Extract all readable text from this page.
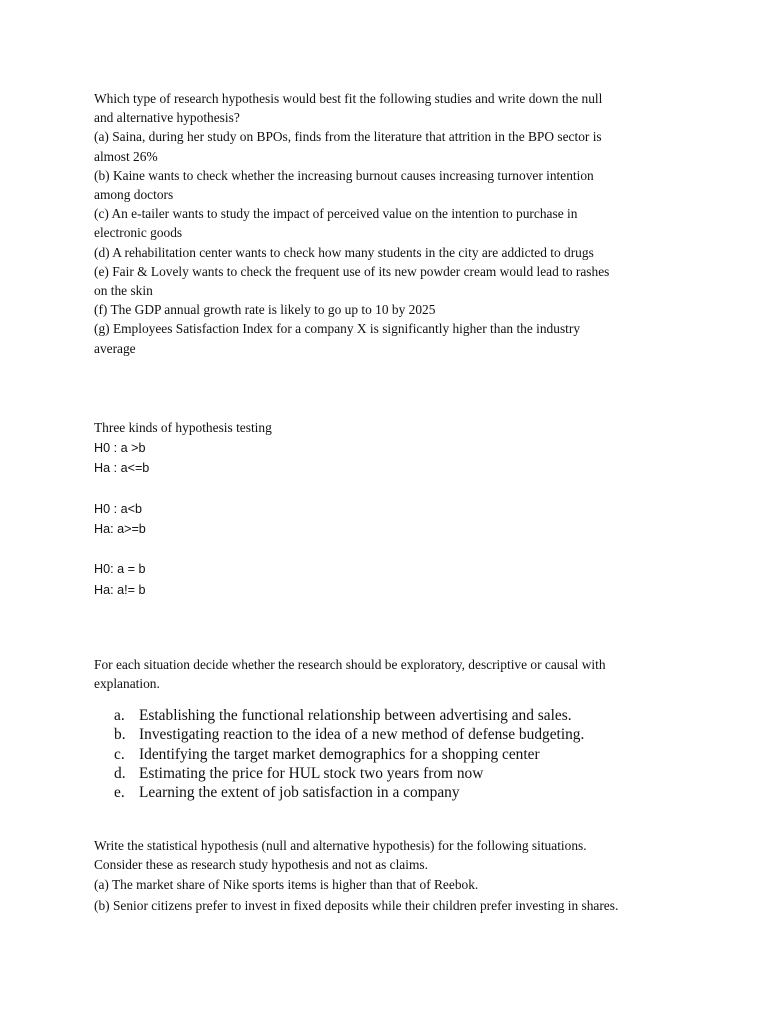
Which type of research hypothesis would best fit the following studies and write down the null
and alternative hypothesis?
(a) Saina, during her study on BPOs, finds from the literature that attrition in the BPO sector is
almost 26%
(b) Kaine wants to check whether the increasing burnout causes increasing turnover intention
among doctors
(c) An e-tailer wants to study the impact of perceived value on the intention to purchase in
electronic goods
(d) A rehabilitation center wants to check how many students in the city are addicted to drugs
(e) Fair & Lovely wants to check the frequent use of its new powder cream would lead to rashes
on the skin
(f) The GDP annual growth rate is likely to go up to 10 by 2025
(g) Employees Satisfaction Index for a company X is significantly higher than the industry
average
Three kinds of hypothesis testing
H0 : a >b
Ha : a<=b
H0 : a<b
Ha: a>=b
H0: a = b
Ha: a!= b
For each situation decide whether the research should be exploratory, descriptive or causal with
explanation.
a. Establishing the functional relationship between advertising and sales.
b. Investigating reaction to the idea of a new method of defense budgeting.
c. Identifying the target market demographics for a shopping center
d. Estimating the price for HUL stock two years from now
e. Learning the extent of job satisfaction in a company
Write the statistical hypothesis (null and alternative hypothesis) for the following situations.
Consider these as research study hypothesis and not as claims.
(a) The market share of Nike sports items is higher than that of Reebok.
(b) Senior citizens prefer to invest in fixed deposits while their children prefer investing in shares.
